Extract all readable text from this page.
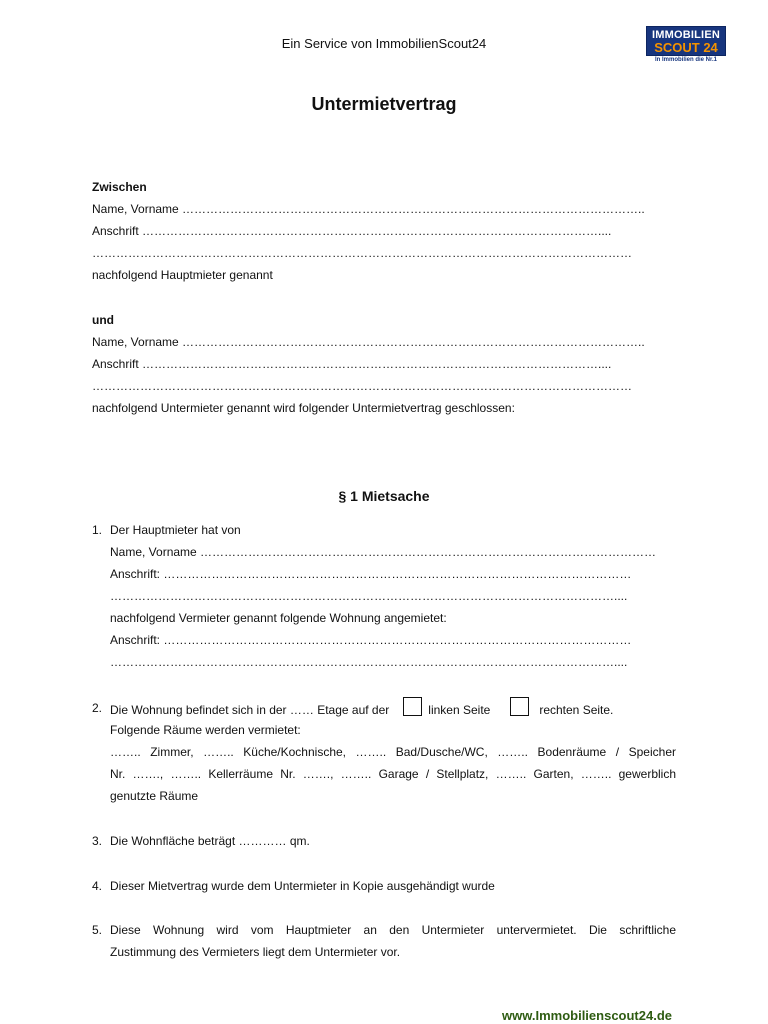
Ein Service von ImmobilienScout24
IMMOBILIEN
SCOUT 24
In Immobilien die Nr.1
Untermietvertrag
Zwischen
Name, Vorname ……………………………………………………………………………………………………..
Anschrift ……………………………………………………………………………………………………....
………………………………………………………………………………………………………………………
nachfolgend Hauptmieter genannt
und
Name, Vorname ……………………………………………………………………………………………………..
Anschrift ……………………………………………………………………………………………………....
………………………………………………………………………………………………………………………
nachfolgend Untermieter genannt wird folgender Untermietvertrag geschlossen:
§ 1 Mietsache
1. Der Hauptmieter hat von
Name, Vorname ……………………………………………………………………………………………………
Anschrift: ………………………………………………………………………………………………………
………………………………………………………………………………………………………………....
nachfolgend Vermieter genannt folgende Wohnung angemietet:
Anschrift: ………………………………………………………………………………………………………
………………………………………………………………………………………………………………....
2. Die Wohnung befindet sich in der …… Etage auf der	linken Seite	rechten Seite.
Folgende Räume werden vermietet:
…….. Zimmer, …….. Küche/Kochnische, …….. Bad/Dusche/WC, …….. Bodenräume / Speicher
Nr. ……., …….. Kellerräume Nr. ……., …….. Garage / Stellplatz, …….. Garten, …….. gewerblich
genutzte Räume
3. Die Wohnfläche beträgt ………… qm.
4. Dieser Mietvertrag wurde dem Untermieter in Kopie ausgehändigt wurde
5. Diese Wohnung wird vom Hauptmieter an den Untermieter untervermietet. Die schriftliche
Zustimmung des Vermieters liegt dem Untermieter vor.
www.Immobilienscout24.de
